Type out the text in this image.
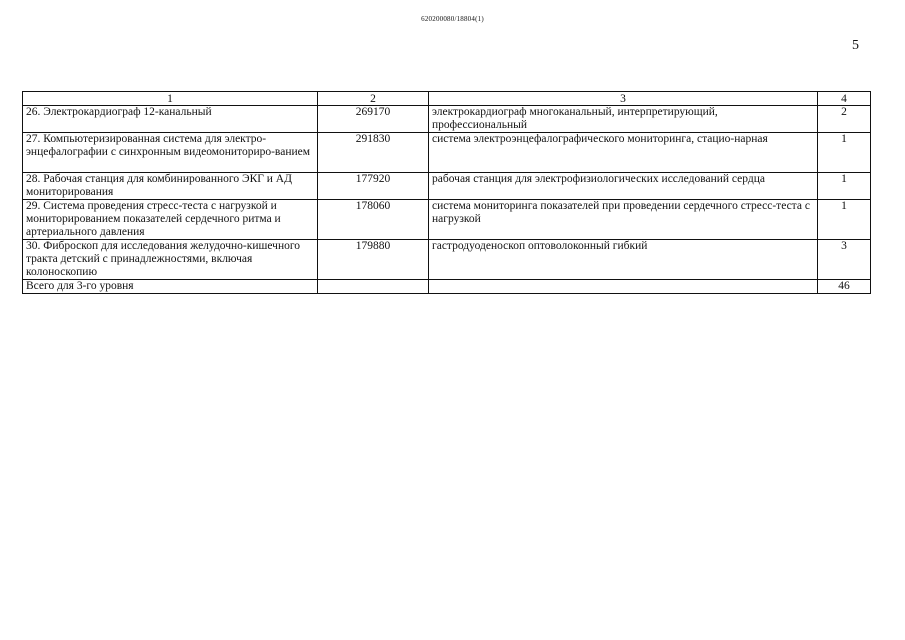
620200080/18804(1)
5
1	2	3	4
26. Электрокардиограф 12-канальный	269170	электрокардиограф многоканальный, интерпретирующий, профессиональный	2
27. Компьютеризированная система для электро-энцефалографии с синхронным видеомониториро-ванием	291830	система электроэнцефалографического мониторинга, стацио-нарная	1
28. Рабочая станция для комбинированного ЭКГ и АД мониторирования	177920	рабочая станция для электрофизиологических исследований сердца	1
29. Система проведения стресс-теста с нагрузкой и мониторированием показателей сердечного ритма и артериального давления	178060	система мониторинга показателей при проведении сердечного стресс-теста с нагрузкой	1
30. Фиброскоп для исследования желудочно-кишечного тракта детский с принадлежностями, включая колоноскопию	179880	гастродуоденоскоп оптоволоконный гибкий	3
Всего для 3-го уровня			46
